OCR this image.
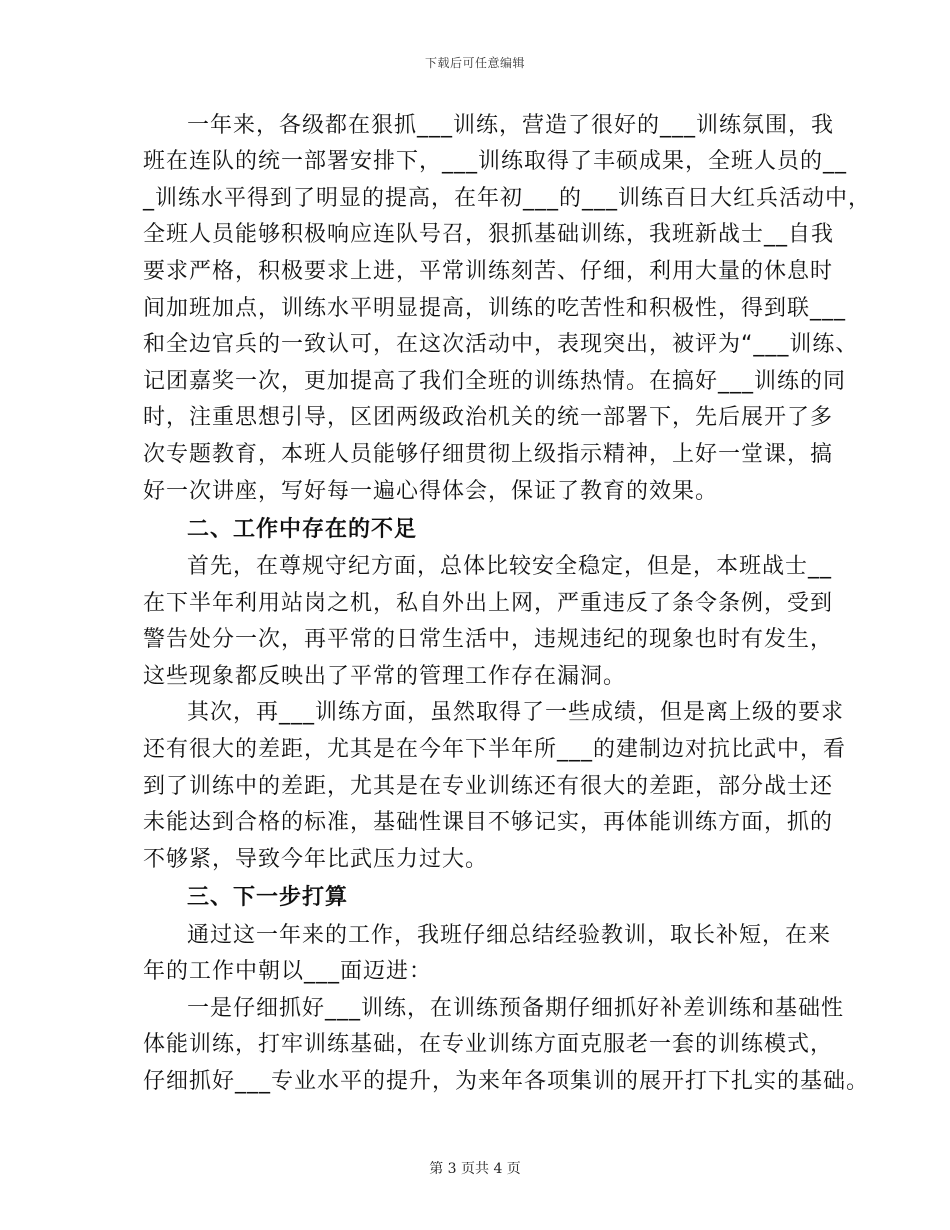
下载后可任意编辑
一年来，各级都在狠抓___训练，营造了很好的___训练氛围，我
班在连队的统一部署安排下，___训练取得了丰硕成果，全班人员的__
_训练水平得到了明显的提高，在年初___的___训练百日大红兵活动中，
全班人员能够积极响应连队号召，狠抓基础训练，我班新战士__自我
要求严格，积极要求上进，平常训练刻苦、仔细，利用大量的休息时
间加班加点，训练水平明显提高，训练的吃苦性和积极性，得到联___
和全边官兵的一致认可，在这次活动中，表现突出，被评为“___训练、
记团嘉奖一次，更加提高了我们全班的训练热情。在搞好___训练的同
时，注重思想引导，区团两级政治机关的统一部署下，先后展开了多
次专题教育，本班人员能够仔细贯彻上级指示精神，上好一堂课，搞
好一次讲座，写好每一遍心得体会，保证了教育的效果。
二、工作中存在的不足
首先，在尊规守纪方面，总体比较安全稳定，但是，本班战士__
在下半年利用站岗之机，私自外出上网，严重违反了条令条例，受到
警告处分一次，再平常的日常生活中，违规违纪的现象也时有发生，
这些现象都反映出了平常的管理工作存在漏洞。
其次，再___训练方面，虽然取得了一些成绩，但是离上级的要求
还有很大的差距，尤其是在今年下半年所___的建制边对抗比武中，看
到了训练中的差距，尤其是在专业训练还有很大的差距，部分战士还
未能达到合格的标准，基础性课目不够记实，再体能训练方面，抓的
不够紧，导致今年比武压力过大。
三、下一步打算
通过这一年来的工作，我班仔细总结经验教训，取长补短，在来
年的工作中朝以___面迈进：
一是仔细抓好___训练，在训练预备期仔细抓好补差训练和基础性
体能训练，打牢训练基础，在专业训练方面克服老一套的训练模式，
仔细抓好___专业水平的提升，为来年各项集训的展开打下扎实的基础。
第 3 页共 4 页
